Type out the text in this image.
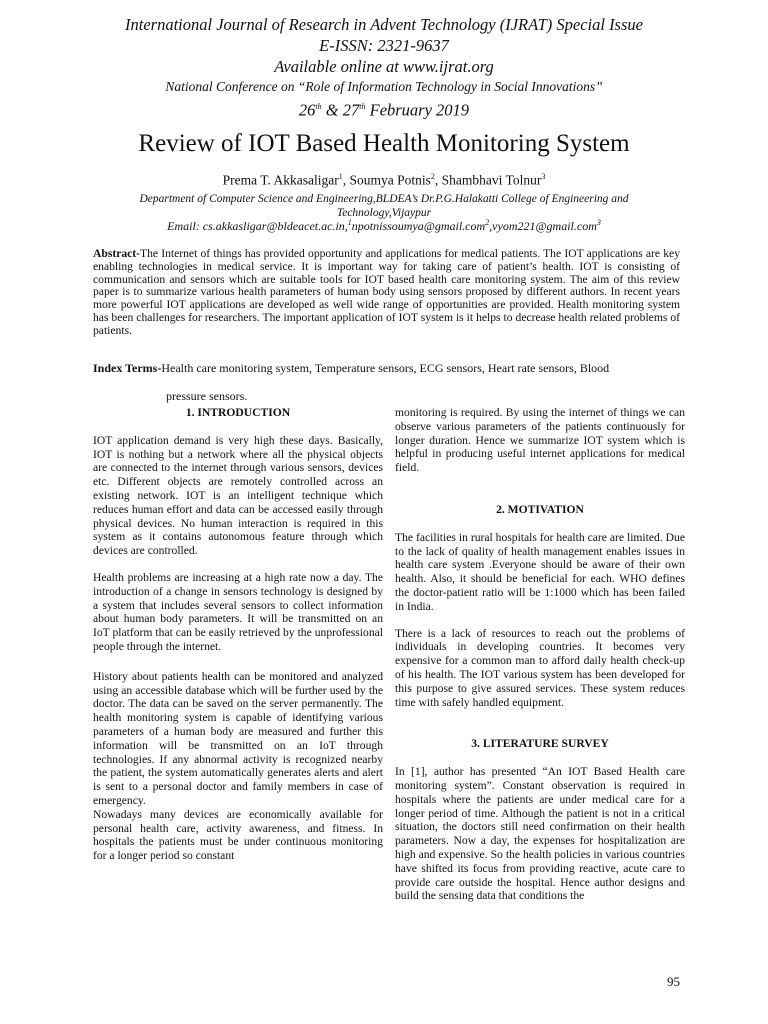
International Journal of Research in Advent Technology (IJRAT) Special Issue
E-ISSN: 2321-9637
Available online at www.ijrat.org
National Conference on “Role of Information Technology in Social Innovations”
26th & 27th February 2019
Review of IOT Based Health Monitoring System
Prema T. Akkasaligar$^1$, Soumya Potnis$^2$, Shambhavi Tolnur$^3$
Department of Computer Science and Engineering,BLDEA’s Dr.P.G.Halakatti College of Engineering and Technology,Vijaypur
Email: cs.akkasligar@bldeacet.ac.in,$^1$npotnissoumya@gmail.com$^2$,vyom221@gmail.com$^3$
Abstract-The Internet of things has provided opportunity and applications for medical patients. The IOT applications are key enabling technologies in medical service. It is important way for taking care of patient’s health. IOT is consisting of communication and sensors which are suitable tools for IOT based health care monitoring system. The aim of this review paper is to summarize various health parameters of human body using sensors proposed by different authors. In recent years more powerful IOT applications are developed as well wide range of opportunities are provided. Health monitoring system has been challenges for researchers. The important application of IOT system is it helps to decrease health related problems of patients.
Index Terms-Health care monitoring system, Temperature sensors, ECG sensors, Heart rate sensors, Blood
pressure sensors.
1. INTRODUCTION

IOT application demand is very high these days. Basically, IOT is nothing but a network where all the physical objects are connected to the internet through various sensors, devices etc. Different objects are remotely controlled across an existing network. IOT is an intelligent technique which reduces human effort and data can be accessed easily through physical devices. No human interaction is required in this system as it contains autonomous feature through which devices are controlled.

Health problems are increasing at a high rate now a day. The introduction of a change in sensors technology is designed by a system that includes several sensors to collect information about human body parameters. It will be transmitted on an IoT platform that can be easily retrieved by the unprofessional people through the internet.

History about patients health can be monitored and analyzed using an accessible database which will be further used by the doctor. The data can be saved on the server permanently. The health monitoring system is capable of identifying various parameters of a human body are measured and further this information will be transmitted on an IoT through technologies. If any abnormal activity is recognized nearby the patient, the system automatically generates alerts and alert is sent to a personal doctor and family members in case of emergency.

Nowadays many devices are economically available for personal health care, activity awareness, and fitness. In hospitals the patients must be under continuous monitoring for a longer period so constant

monitoring is required. By using the internet of things we can observe various parameters of the patients continuously for longer duration. Hence we summarize IOT system which is helpful in producing useful internet applications for medical field.

2. MOTIVATION

The facilities in rural hospitals for health care are limited. Due to the lack of quality of health management enables issues in health care system .Everyone should be aware of their own health. Also, it should be beneficial for each. WHO defines the doctor-patient ratio will be 1:1000 which has been failed in India.

There is a lack of resources to reach out the problems of individuals in developing countries. It becomes very expensive for a common man to afford daily health check-up of his health. The IOT various system has been developed for this purpose to give assured services. These system reduces time with safely handled equipment.

3. LITERATURE SURVEY

In [1], author has presented “An IOT Based Health care monitoring system”. Constant observation is required in hospitals where the patients are under medical care for a longer period of time. Although the patient is not in a critical situation, the doctors still need confirmation on their health parameters. Now a day, the expenses for hospitalization are high and expensive. So the health policies in various countries have shifted its focus from providing reactive, acute care to provide care outside the hospital. Hence author designs and build the sensing data that conditions the

95
